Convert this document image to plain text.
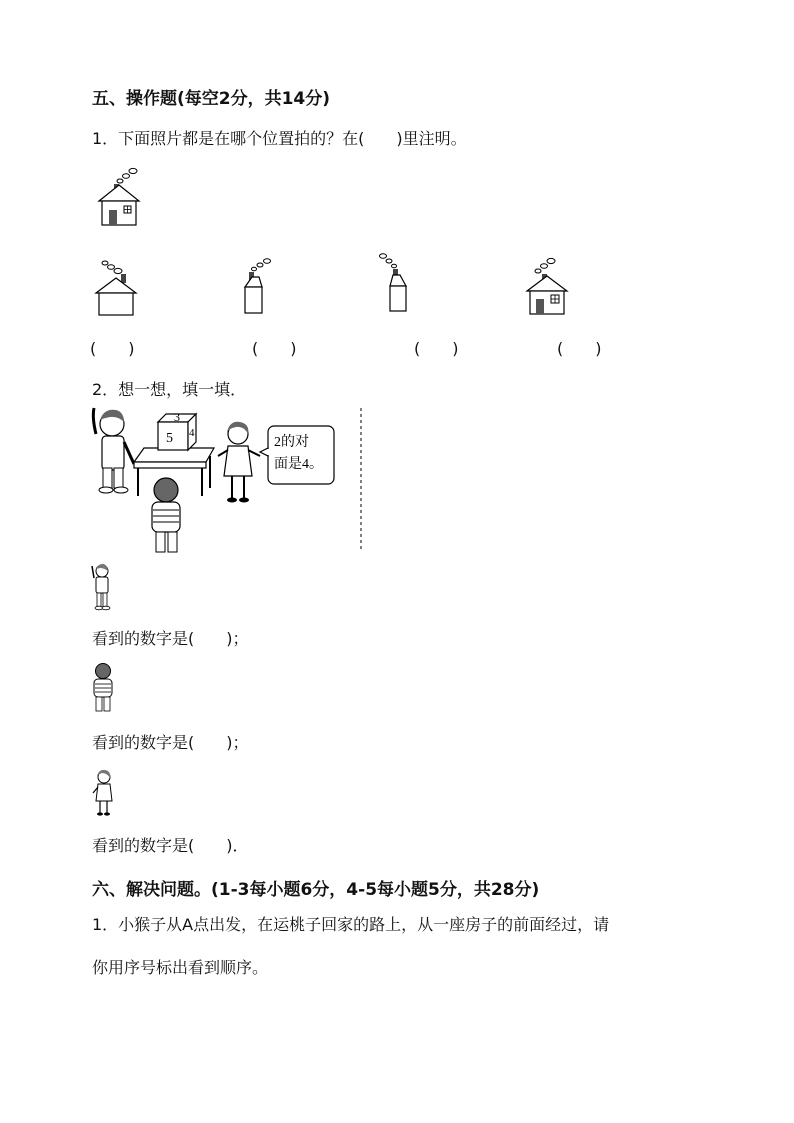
五、操作题(每空2分，共14分)
1．下面照片都是在哪个位置拍的？在(　　)里注明。
(　　)	(　　)	(　　)	(　　)
2．想一想，填一填．
3
5 4
2的对
面是4。
看到的数字是(　　)；
看到的数字是(　　)；
看到的数字是(　　)．
六、解决问题。(1-3每小题6分，4-5每小题5分，共28分)
1．小猴子从A点出发，在运桃子回家的路上，从一座房子的前面经过，请
你用序号标出看到顺序。
